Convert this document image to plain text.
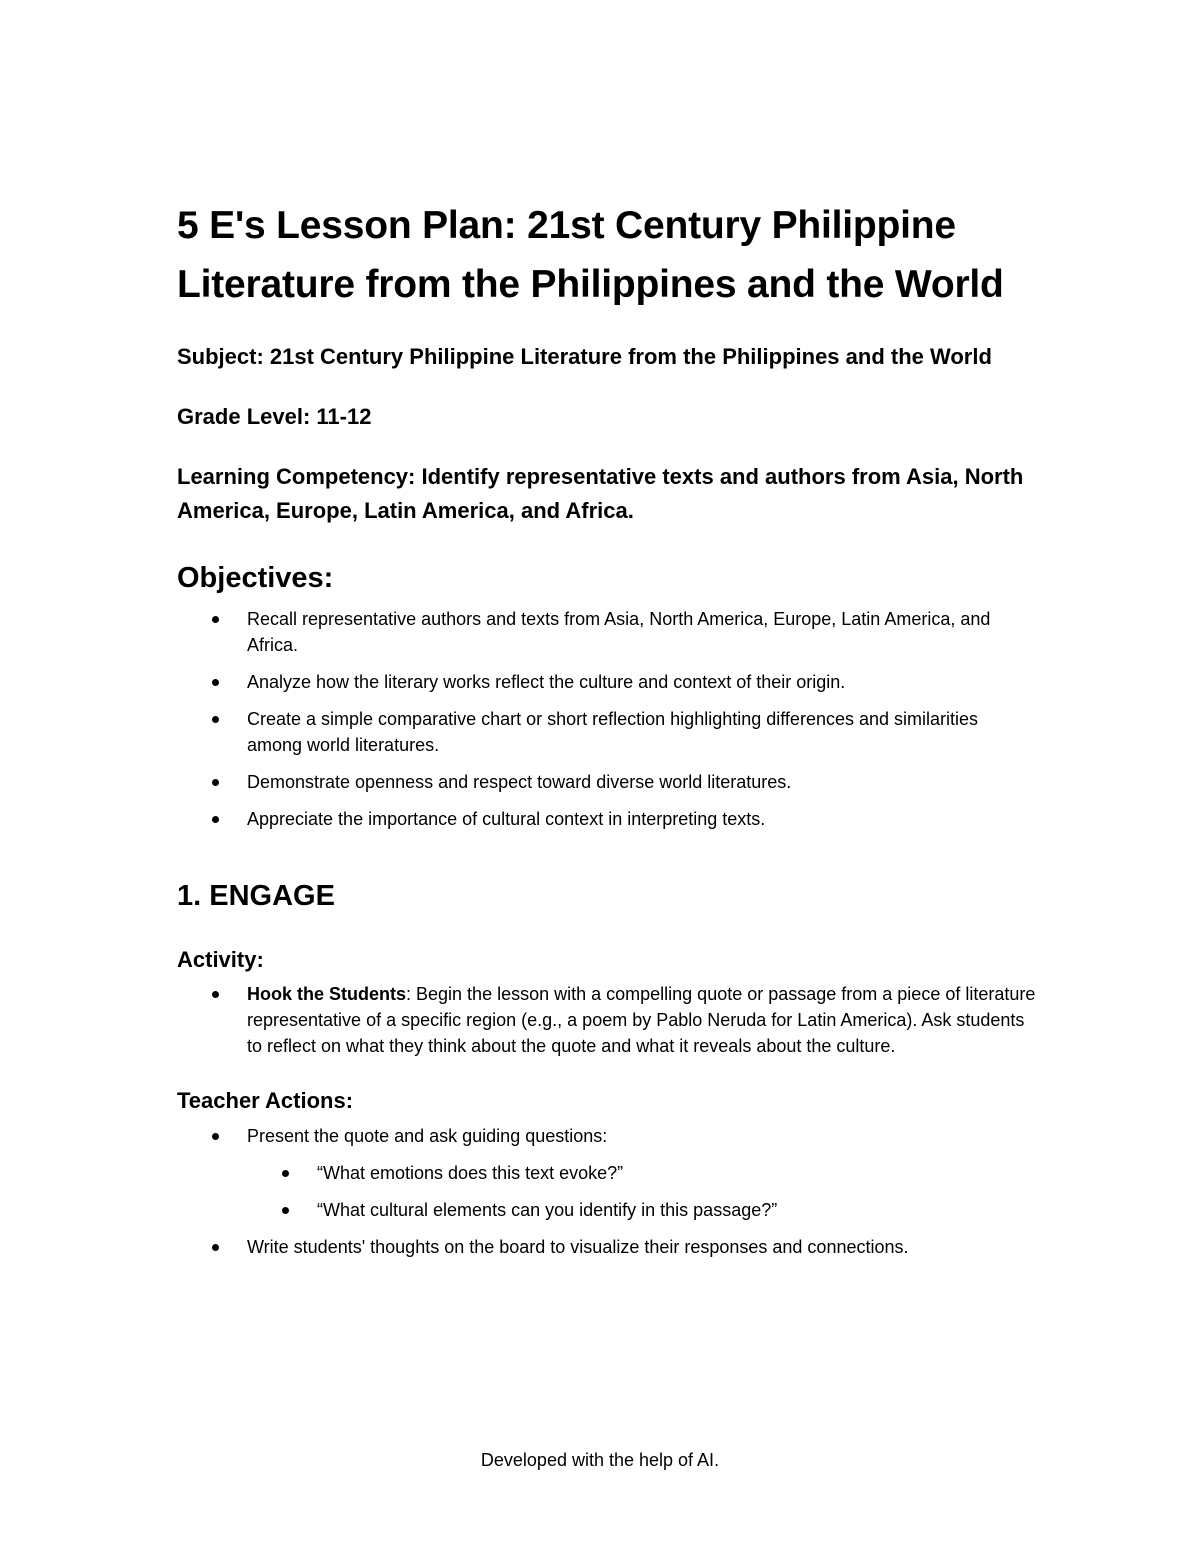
5 E's Lesson Plan: 21st Century Philippine Literature from the Philippines and the World

Subject: 21st Century Philippine Literature from the Philippines and the World

Grade Level: 11-12

Learning Competency: Identify representative texts and authors from Asia, North America, Europe, Latin America, and Africa.

Objectives:
Recall representative authors and texts from Asia, North America, Europe, Latin America, and Africa.
Analyze how the literary works reflect the culture and context of their origin.
Create a simple comparative chart or short reflection highlighting differences and similarities among world literatures.
Demonstrate openness and respect toward diverse world literatures.
Appreciate the importance of cultural context in interpreting texts.
1. ENGAGE
Activity:
Hook the Students: Begin the lesson with a compelling quote or passage from a piece of literature representative of a specific region (e.g., a poem by Pablo Neruda for Latin America). Ask students to reflect on what they think about the quote and what it reveals about the culture.
Teacher Actions:
Present the quote and ask guiding questions:
“What emotions does this text evoke?”
“What cultural elements can you identify in this passage?”
Write students' thoughts on the board to visualize their responses and connections.
Developed with the help of AI.
